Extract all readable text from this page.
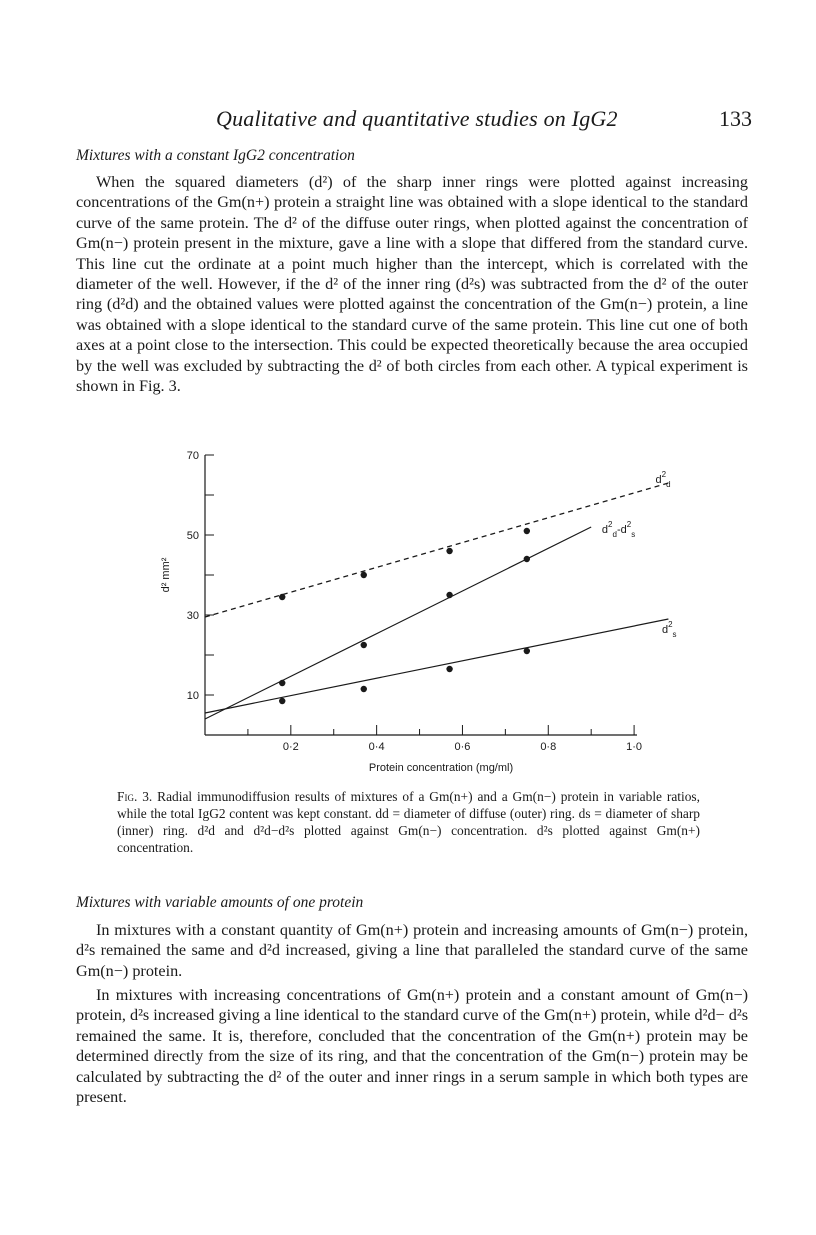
Qualitative and quantitative studies on IgG2	133
Mixtures with a constant IgG2 concentration

When the squared diameters (d²) of the sharp inner rings were plotted against increasing concentrations of the Gm(n+) protein a straight line was obtained with a slope identical to the standard curve of the same protein. The d² of the diffuse outer rings, when plotted against the concentration of Gm(n−) protein present in the mixture, gave a line with a slope that differed from the standard curve. This line cut the ordinate at a point much higher than the intercept, which is correlated with the diameter of the well. However, if the d² of the inner ring (d²s) was subtracted from the d² of the outer ring (d²d) and the obtained values were plotted against the concentration of the Gm(n−) protein, a line was obtained with a slope identical to the standard curve of the same protein. This line cut one of both axes at a point close to the intersection. This could be expected theoretically because the area occupied by the well was excluded by subtracting the d² of both circles from each other. A typical experiment is shown in Fig. 3.

10
30
50
70
0·2	0·4	0·6	0·8	1·0
Protein concentration (mg/ml)
d² mm²
$d^2_d$
$d^2_d-d^2_s$
$d^2_s$

Fig. 3. Radial immunodiffusion results of mixtures of a Gm(n+) and a Gm(n−) protein in variable ratios, while the total IgG2 content was kept constant. dd = diameter of diffuse (outer) ring. ds = diameter of sharp (inner) ring. d²d and d²d−d²s plotted against Gm(n−) concentration. d²s plotted against Gm(n+) concentration.

Mixtures with variable amounts of one protein

In mixtures with a constant quantity of Gm(n+) protein and increasing amounts of Gm(n−) protein, d²s remained the same and d²d increased, giving a line that paralleled the standard curve of the same Gm(n−) protein.

In mixtures with increasing concentrations of Gm(n+) protein and a constant amount of Gm(n−) protein, d²s increased giving a line identical to the standard curve of the Gm(n+) protein, while d²d− d²s remained the same. It is, therefore, concluded that the concentration of the Gm(n+) protein may be determined directly from the size of its ring, and that the concentration of the Gm(n−) protein may be calculated by subtracting the d² of the outer and inner rings in a serum sample in which both types are present.
